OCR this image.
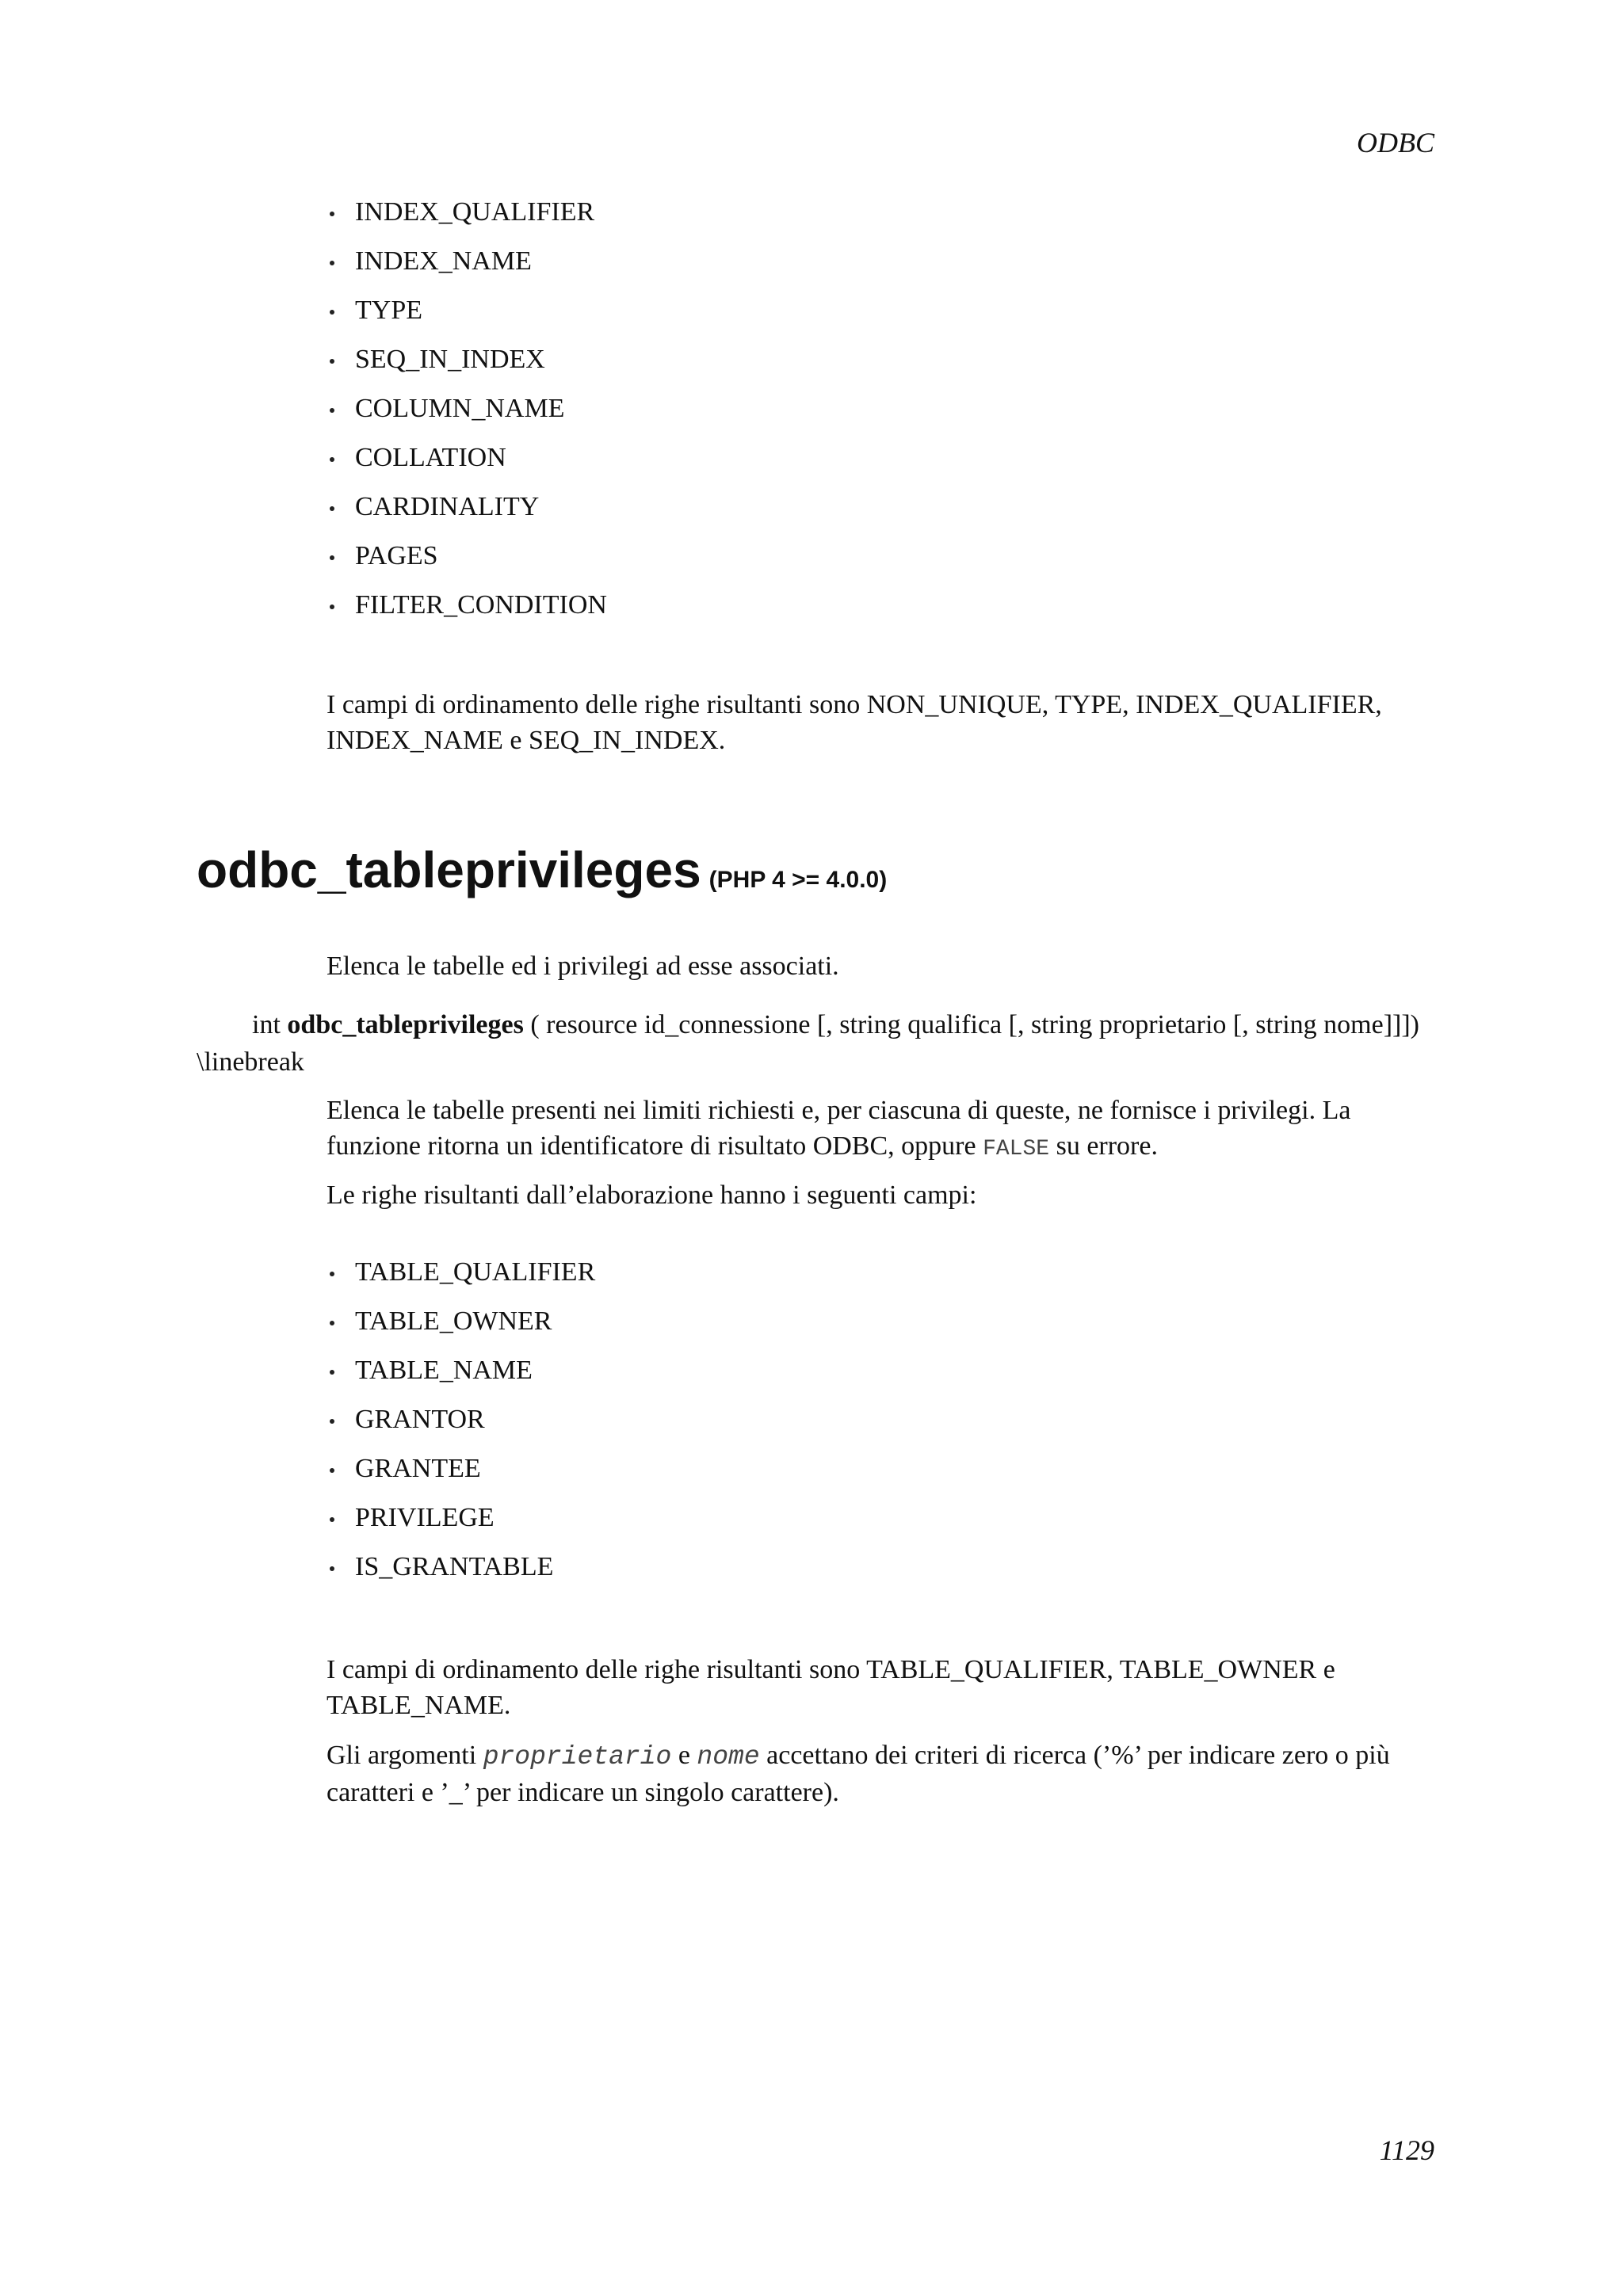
ODBC
INDEX_QUALIFIER
INDEX_NAME
TYPE
SEQ_IN_INDEX
COLUMN_NAME
COLLATION
CARDINALITY
PAGES
FILTER_CONDITION

I campi di ordinamento delle righe risultanti sono NON_UNIQUE, TYPE, INDEX_QUALIFIER, INDEX_NAME e SEQ_IN_INDEX.

odbc_tableprivileges (PHP 4 >= 4.0.0)

Elenca le tabelle ed i privilegi ad esse associati.

int odbc_tableprivileges ( resource id_connessione [, string qualifica [, string proprietario [, string nome]]])
\linebreak

Elenca le tabelle presenti nei limiti richiesti e, per ciascuna di queste, ne fornisce i privilegi. La funzione ritorna un identificatore di risultato ODBC, oppure FALSE su errore.

Le righe risultanti dall’elaborazione hanno i seguenti campi:

TABLE_QUALIFIER
TABLE_OWNER
TABLE_NAME
GRANTOR
GRANTEE
PRIVILEGE
IS_GRANTABLE

I campi di ordinamento delle righe risultanti sono TABLE_QUALIFIER, TABLE_OWNER e TABLE_NAME.

Gli argomenti proprietario e nome accettano dei criteri di ricerca (’%’ per indicare zero o più caratteri e ’_’ per indicare un singolo carattere).

1129
